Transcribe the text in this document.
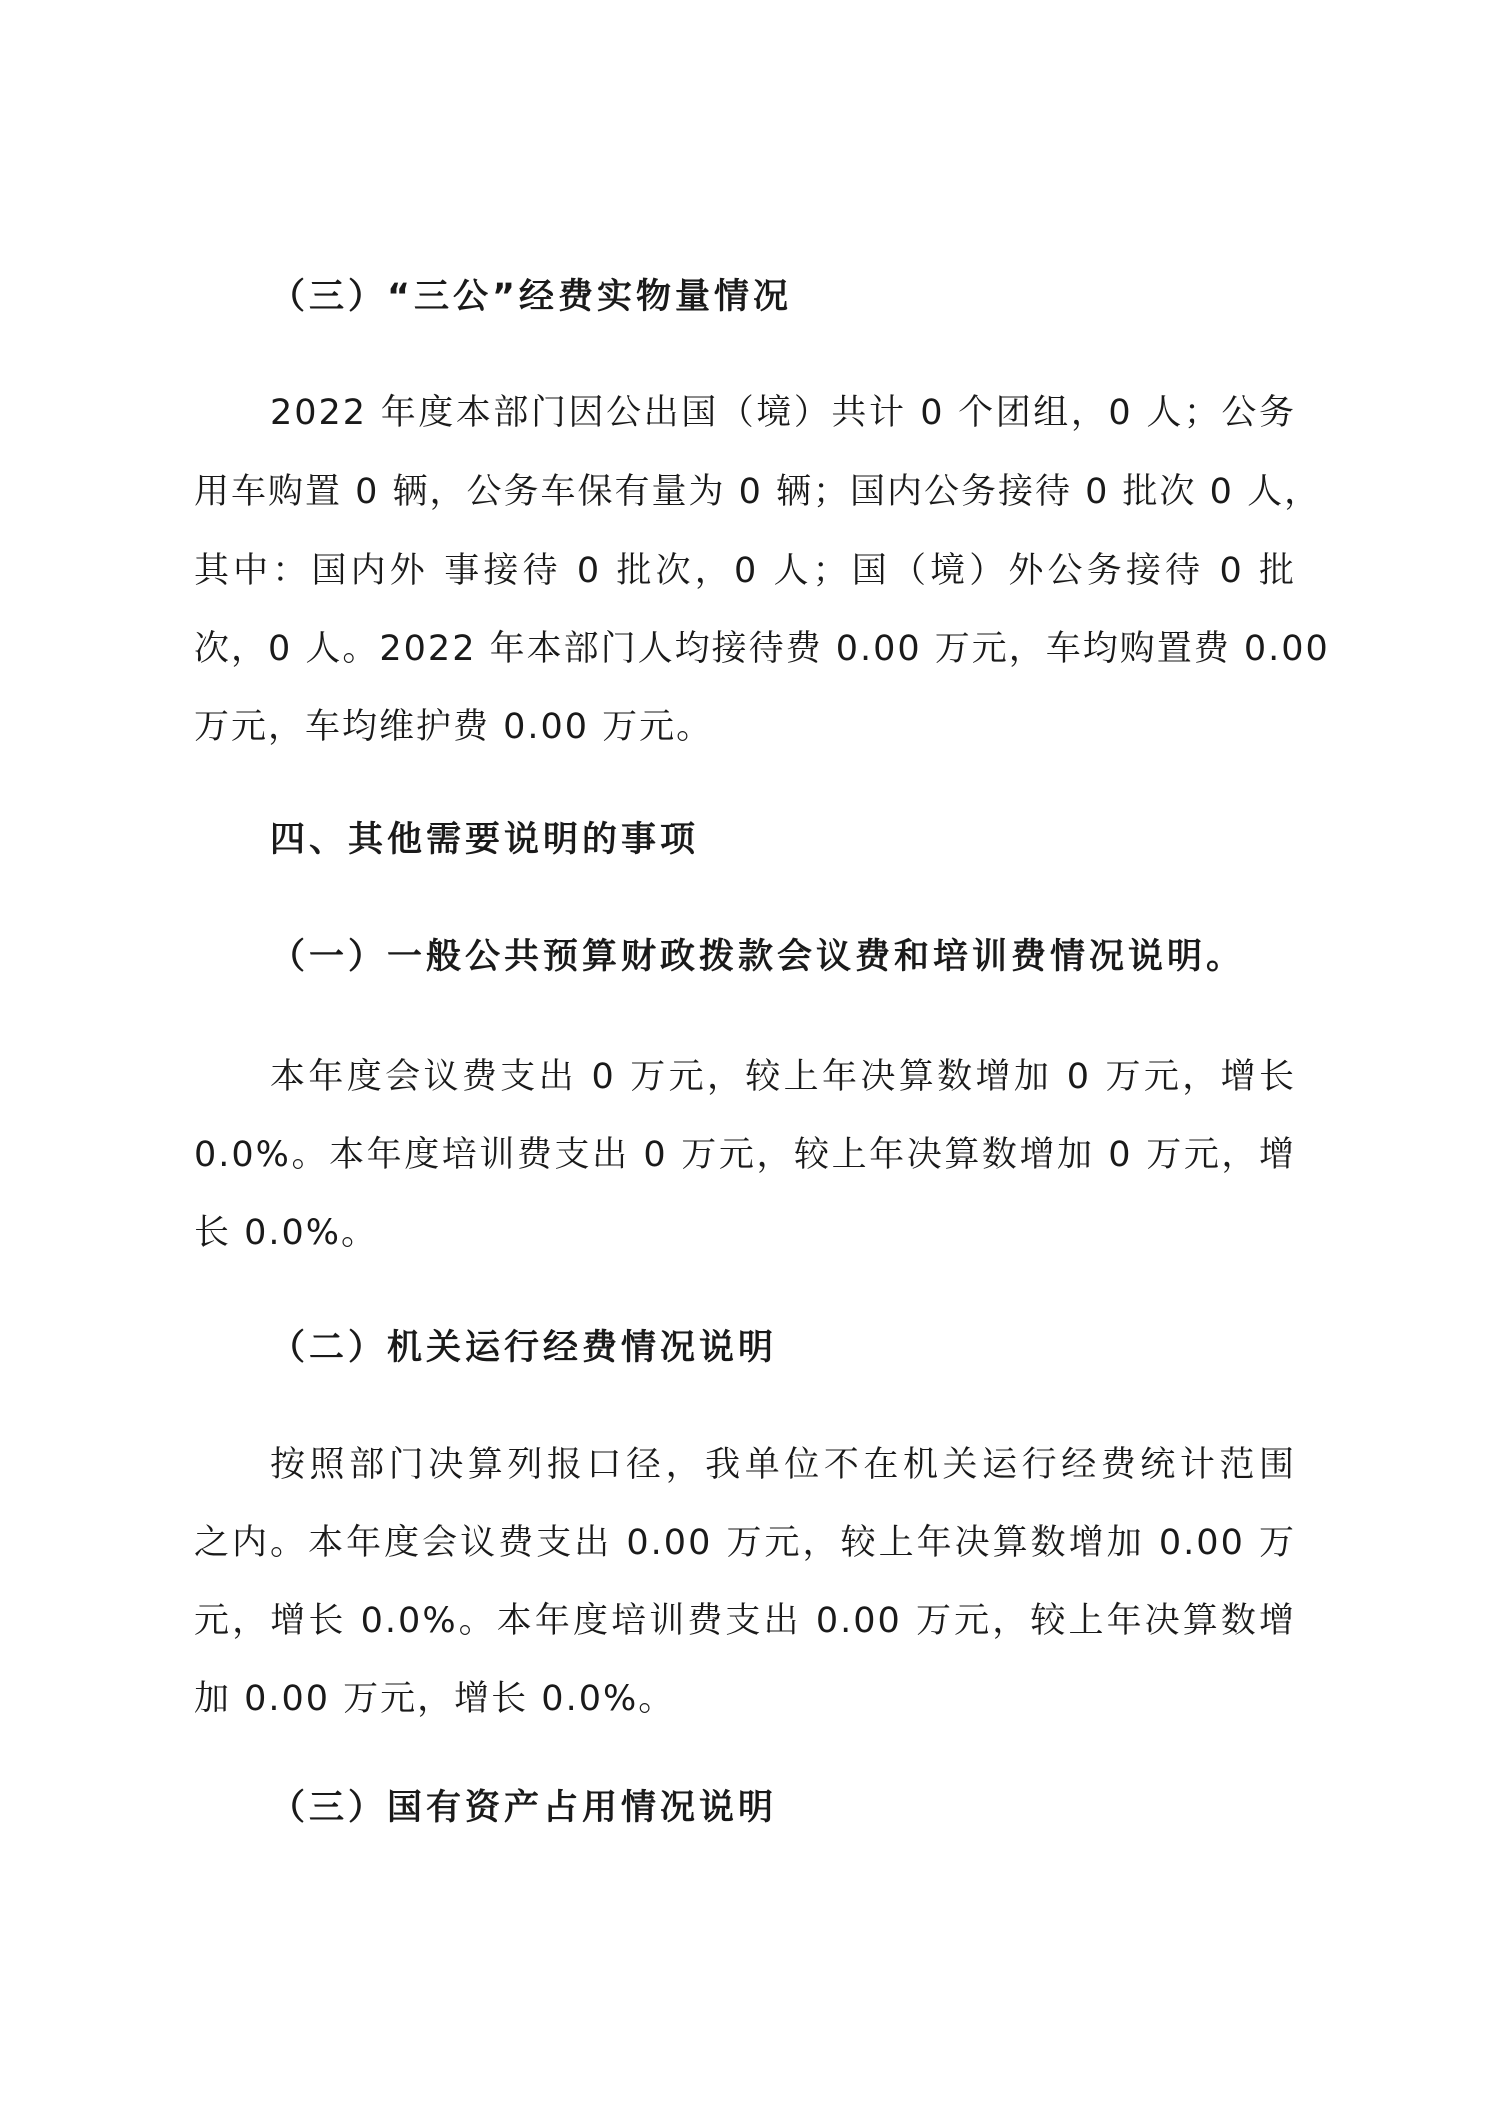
（三）“三公”经费实物量情况
2022 年度本部门因公出国（境）共计 0 个团组，0 人；公务
用车购置 0 辆，公务车保有量为 0 辆；国内公务接待 0 批次 0 人，
其中：国内外 事接待 0 批次，0 人；国（境）外公务接待 0 批
次，0 人。2022 年本部门人均接待费 0.00 万元，车均购置费 0.00
万元，车均维护费 0.00 万元。
四、其他需要说明的事项
（一）一般公共预算财政拨款会议费和培训费情况说明。
本年度会议费支出 0 万元，较上年决算数增加 0 万元，增长
0.0%。本年度培训费支出 0 万元，较上年决算数增加 0 万元，增
长 0.0%。
（二）机关运行经费情况说明
按照部门决算列报口径，我单位不在机关运行经费统计范围
之内。本年度会议费支出 0.00 万元，较上年决算数增加 0.00 万
元，增长 0.0%。本年度培训费支出 0.00 万元，较上年决算数增
加 0.00 万元，增长 0.0%。
（三）国有资产占用情况说明
